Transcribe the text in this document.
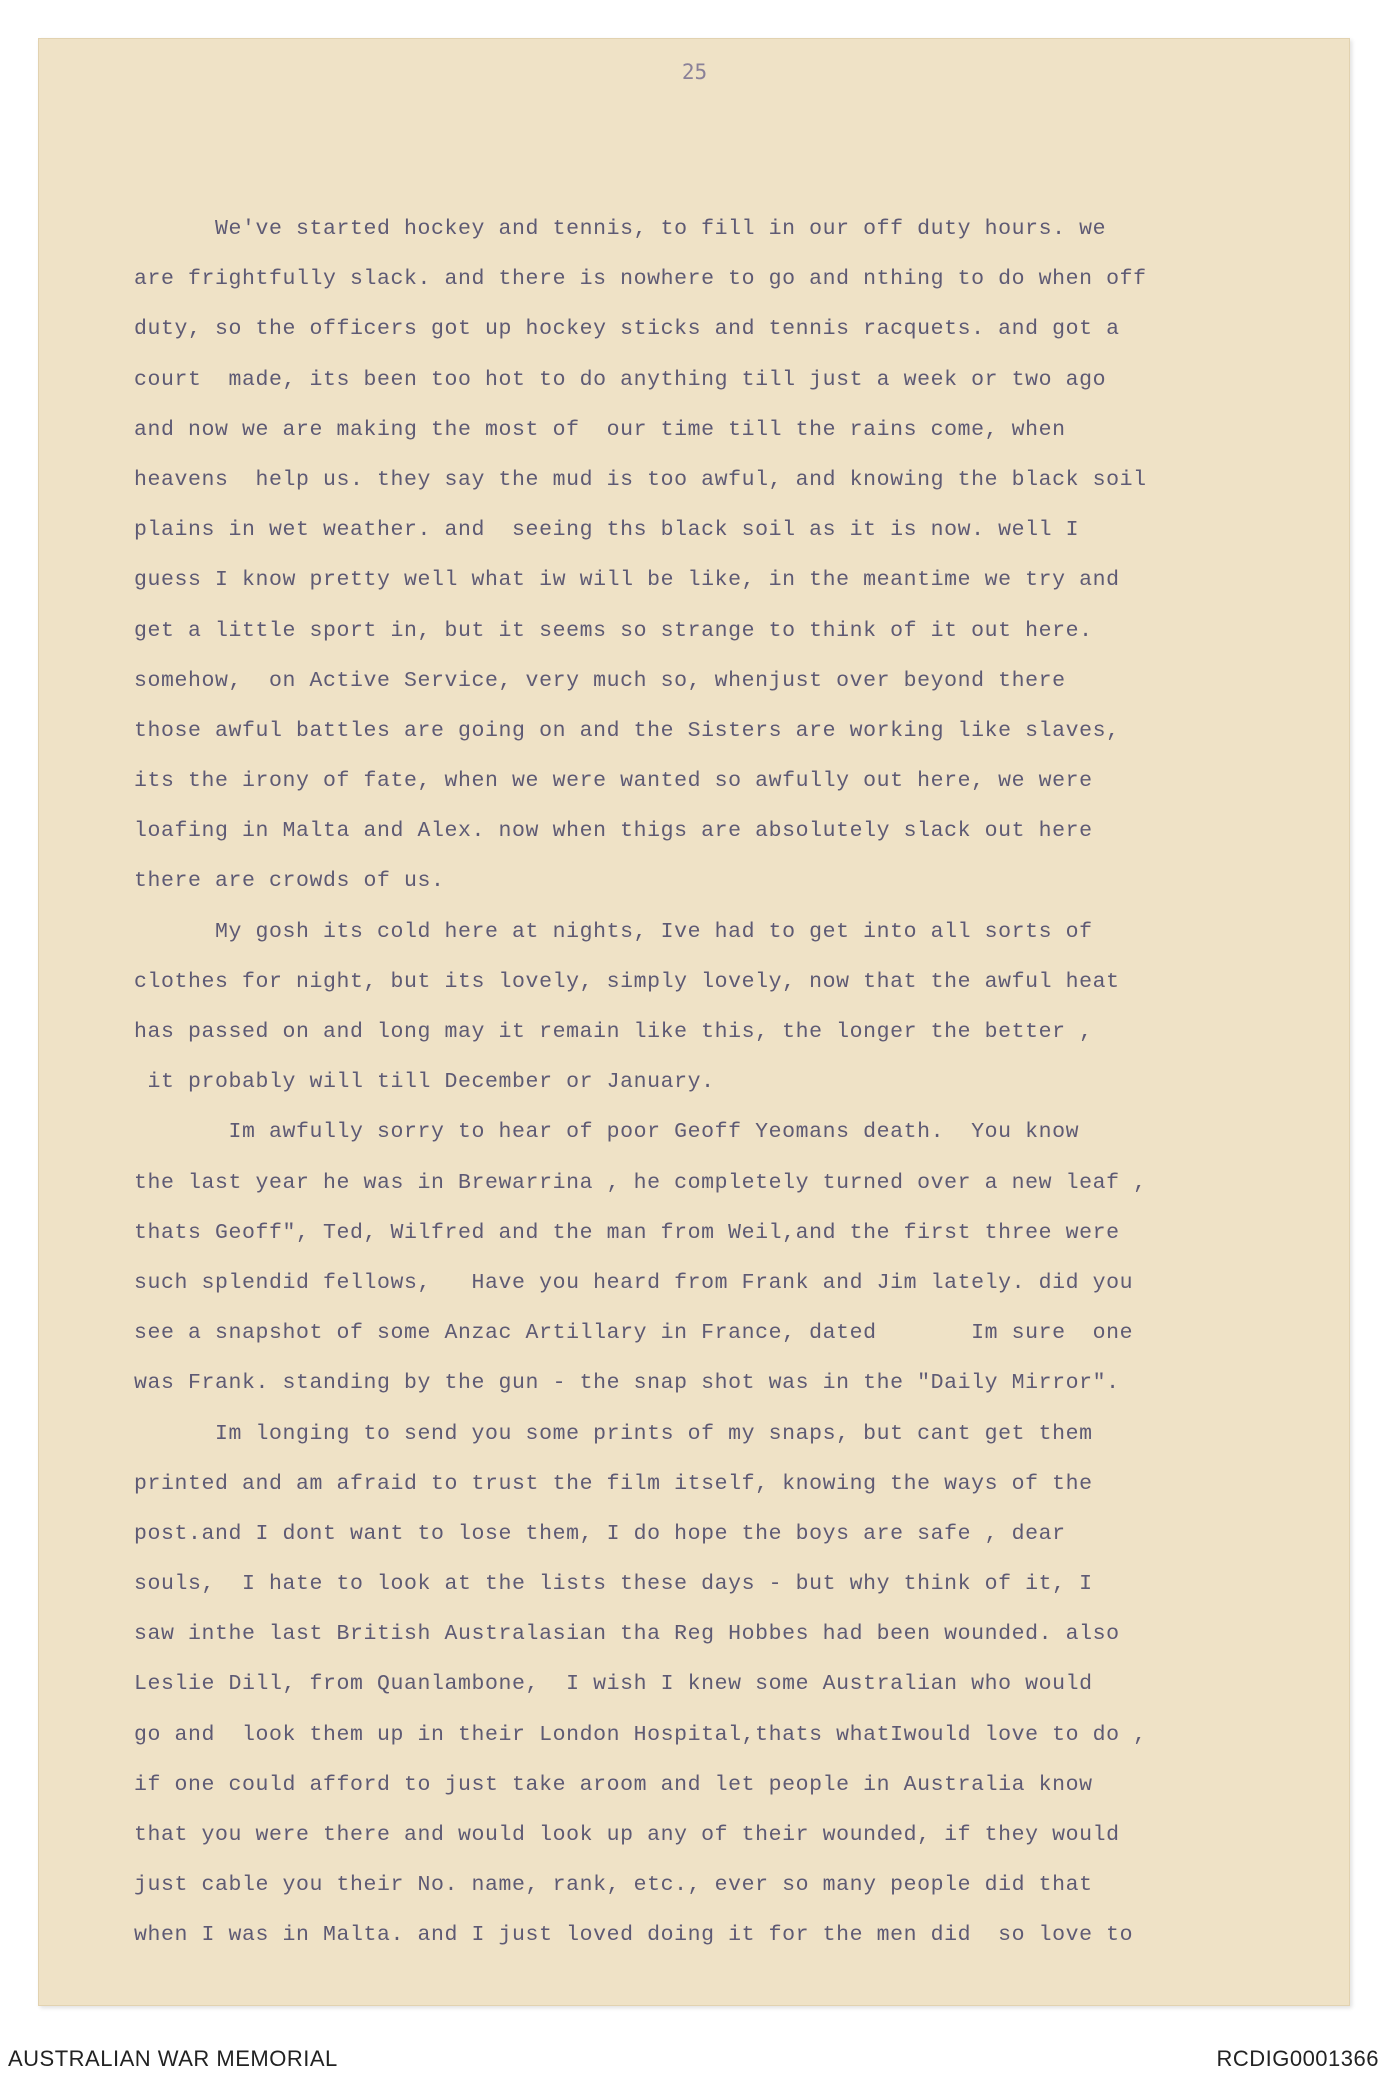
25
We've started hockey and tennis, to fill in our off duty hours. we
are frightfully slack. and there is nowhere to go and nthing to do when off
duty, so the officers got up hockey sticks and tennis racquets. and got a
court  made, its been too hot to do anything till just a week or two ago
and now we are making the most of  our time till the rains come, when
heavens  help us. they say the mud is too awful, and knowing the black soil
plains in wet weather. and  seeing ths black soil as it is now. well I
guess I know pretty well what iw will be like, in the meantime we try and
get a little sport in, but it seems so strange to think of it out here.
somehow,  on Active Service, very much so, whenjust over beyond there
those awful battles are going on and the Sisters are working like slaves,
its the irony of fate, when we were wanted so awfully out here, we were
loafing in Malta and Alex. now when thigs are absolutely slack out here
there are crowds of us.
My gosh its cold here at nights, Ive had to get into all sorts of
clothes for night, but its lovely, simply lovely, now that the awful heat
has passed on and long may it remain like this, the longer the better ,
it probably will till December or January.
Im awfully sorry to hear of poor Geoff Yeomans death.  You know
the last year he was in Brewarrina , he completely turned over a new leaf ,
thats Geoff", Ted, Wilfred and the man from Weil,and the first three were
such splendid fellows,   Have you heard from Frank and Jim lately. did you
see a snapshot of some Anzac Artillary in France, dated       Im sure  one
was Frank. standing by the gun - the snap shot was in the "Daily Mirror".
Im longing to send you some prints of my snaps, but cant get them
printed and am afraid to trust the film itself, knowing the ways of the
post.and I dont want to lose them, I do hope the boys are safe , dear
souls,  I hate to look at the lists these days - but why think of it, I
saw inthe last British Australasian tha Reg Hobbes had been wounded. also
Leslie Dill, from Quanlambone,  I wish I knew some Australian who would
go and  look them up in their London Hospital,thats whatIwould love to do ,
if one could afford to just take aroom and let people in Australia know
that you were there and would look up any of their wounded, if they would
just cable you their No. name, rank, etc., ever so many people did that
when I was in Malta. and I just loved doing it for the men did  so love to
AUSTRALIAN WAR MEMORIAL	RCDIG0001366
